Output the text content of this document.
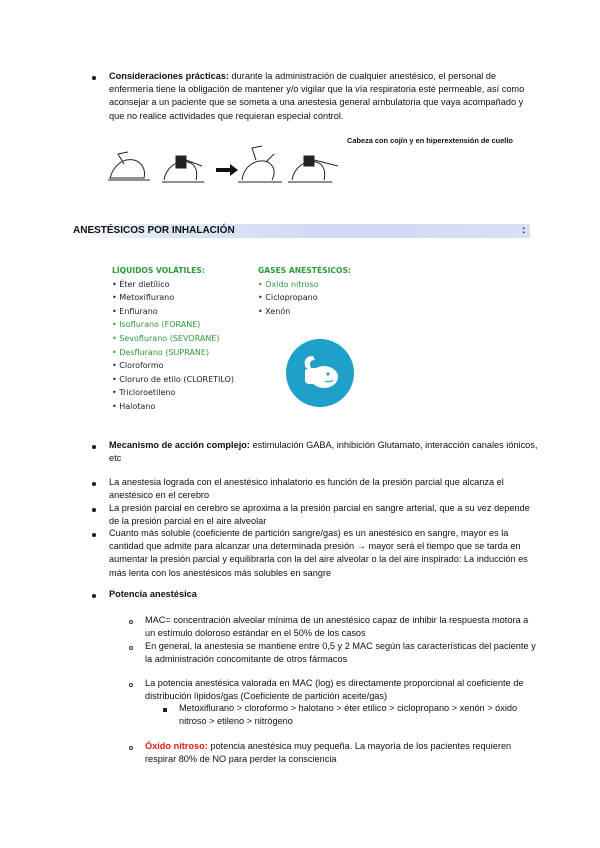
Consideraciones prácticas: durante la administración de cualquier anestésico, el personal de
enfermería tiene la obligación de mantener y/o vigilar que la vía respiratoria esté permeable, así como
aconsejar a un paciente que se someta a una anestesia general ambulatoria que vaya acompañado y
que no realice actividades que requieran especial control.
Cabeza con cojín y en hiperextensión de cuello
ANESTÉSICOS POR INHALACIÓN	:
LÍQUIDOS VOLÁTILES:
• Éter dietílico
• Metoxiflurano
• Enflurano
• Isoflurano (FORANE)
• Sevoflurano (SEVORANE)
• Desflurano (SUPRANE)
• Cloroformo
• Cloruro de etilo (CLORETILO)
• Tricloroetileno
• Halotano
GASES ANESTÉSICOS:
• Óxido nitroso
• Ciclopropano
• Xenón
Mecanismo de acción complejo: estimulación GABA, inhibición Glutamato, interacción canales iónicos,
etc
La anestesia lograda con el anestésico inhalatorio es función de la presión parcial que alcanza el
anestésico en el cerebro
La presión parcial en cerebro se aproxima a la presión parcial en sangre arterial, que a su vez depende
de la presión parcial en el aire alveolar
Cuanto más soluble (coeficiente de partición sangre/gas) es un anestésico en sangre, mayor es la
cantidad que admite para alcanzar una determinada presión → mayor será el tiempo que se tarda en
aumentar la presión parcial y equilibrarla con la del aire alveolar o la del aire inspirado: La inducción es
más lenta con los anestésicos más solubles en sangre
Potencia anestésica
MAC= concentración alveolar mínima de un anestésico capaz de inhibir la respuesta motora a
un estímulo doloroso estándar en el 50% de los casos
En general, la anestesia se mantiene entre 0,5 y 2 MAC según las características del paciente y
la administración concomitante de otros fármacos
La potencia anestésica valorada en MAC (log) es directamente proporcional al coeficiente de
distribución lípidos/gas (Coeficiente de partición aceite/gas)
Metoxiflurano > cloroformo > halotano > éter etílico > ciclopropano > xenón > óxido
nitroso > etileno > nitrógeno
Óxido nitroso: potencia anestésica muy pequeña. La mayoría de los pacientes requieren
respirar 80% de NO para perder la consciencia
